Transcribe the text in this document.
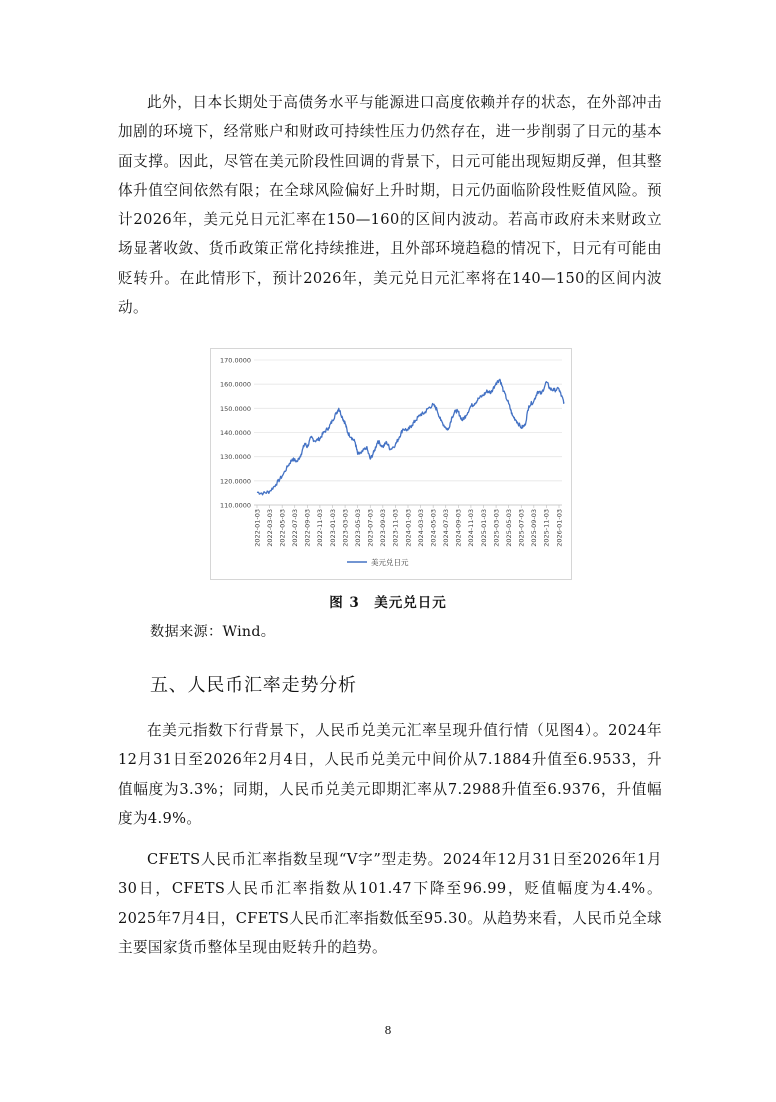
此外，日本长期处于高债务水平与能源进口高度依赖并存的状态，在外部冲击加剧的环境下，经常账户和财政可持续性压力仍然存在，进一步削弱了日元的基本面支撑。因此，尽管在美元阶段性回调的背景下，日元可能出现短期反弹，但其整体升值空间依然有限；在全球风险偏好上升时期，日元仍面临阶段性贬值风险。预计2026年，美元兑日元汇率在150—160的区间内波动。若高市政府未来财政立场显著收敛、货币政策正常化持续推进，且外部环境趋稳的情况下，日元有可能由贬转升。在此情形下，预计2026年，美元兑日元汇率将在140—150的区间内波动。

110.0000
120.0000
130.0000
140.0000
150.0000
160.0000
170.0000
2022-01-03 2022-03-03 2022-05-03 2022-07-03 2022-09-03 2022-11-03 2023-01-03 2023-03-03 2023-05-03 2023-07-03 2023-09-03 2023-11-03 2024-01-03 2024-03-03 2024-05-03 2024-07-03 2024-09-03 2024-11-03 2025-01-03 2025-03-03 2025-05-03 2025-07-03 2025-09-03 2025-11-03 2026-01-03
美元兑日元
图 3　美元兑日元
数据来源：Wind。
五、人民币汇率走势分析

在美元指数下行背景下，人民币兑美元汇率呈现升值行情（见图4）。2024年12月31日至2026年2月4日，人民币兑美元中间价从7.1884升值至6.9533，升值幅度为3.3%；同期，人民币兑美元即期汇率从7.2988升值至6.9376，升值幅度为4.9%。

CFETS人民币汇率指数呈现“V字”型走势。2024年12月31日至2026年1月30日，CFETS人民币汇率指数从101.47下降至96.99，贬值幅度为4.4%。2025年7月4日，CFETS人民币汇率指数低至95.30。从趋势来看，人民币兑全球主要国家货币整体呈现由贬转升的趋势。

8
